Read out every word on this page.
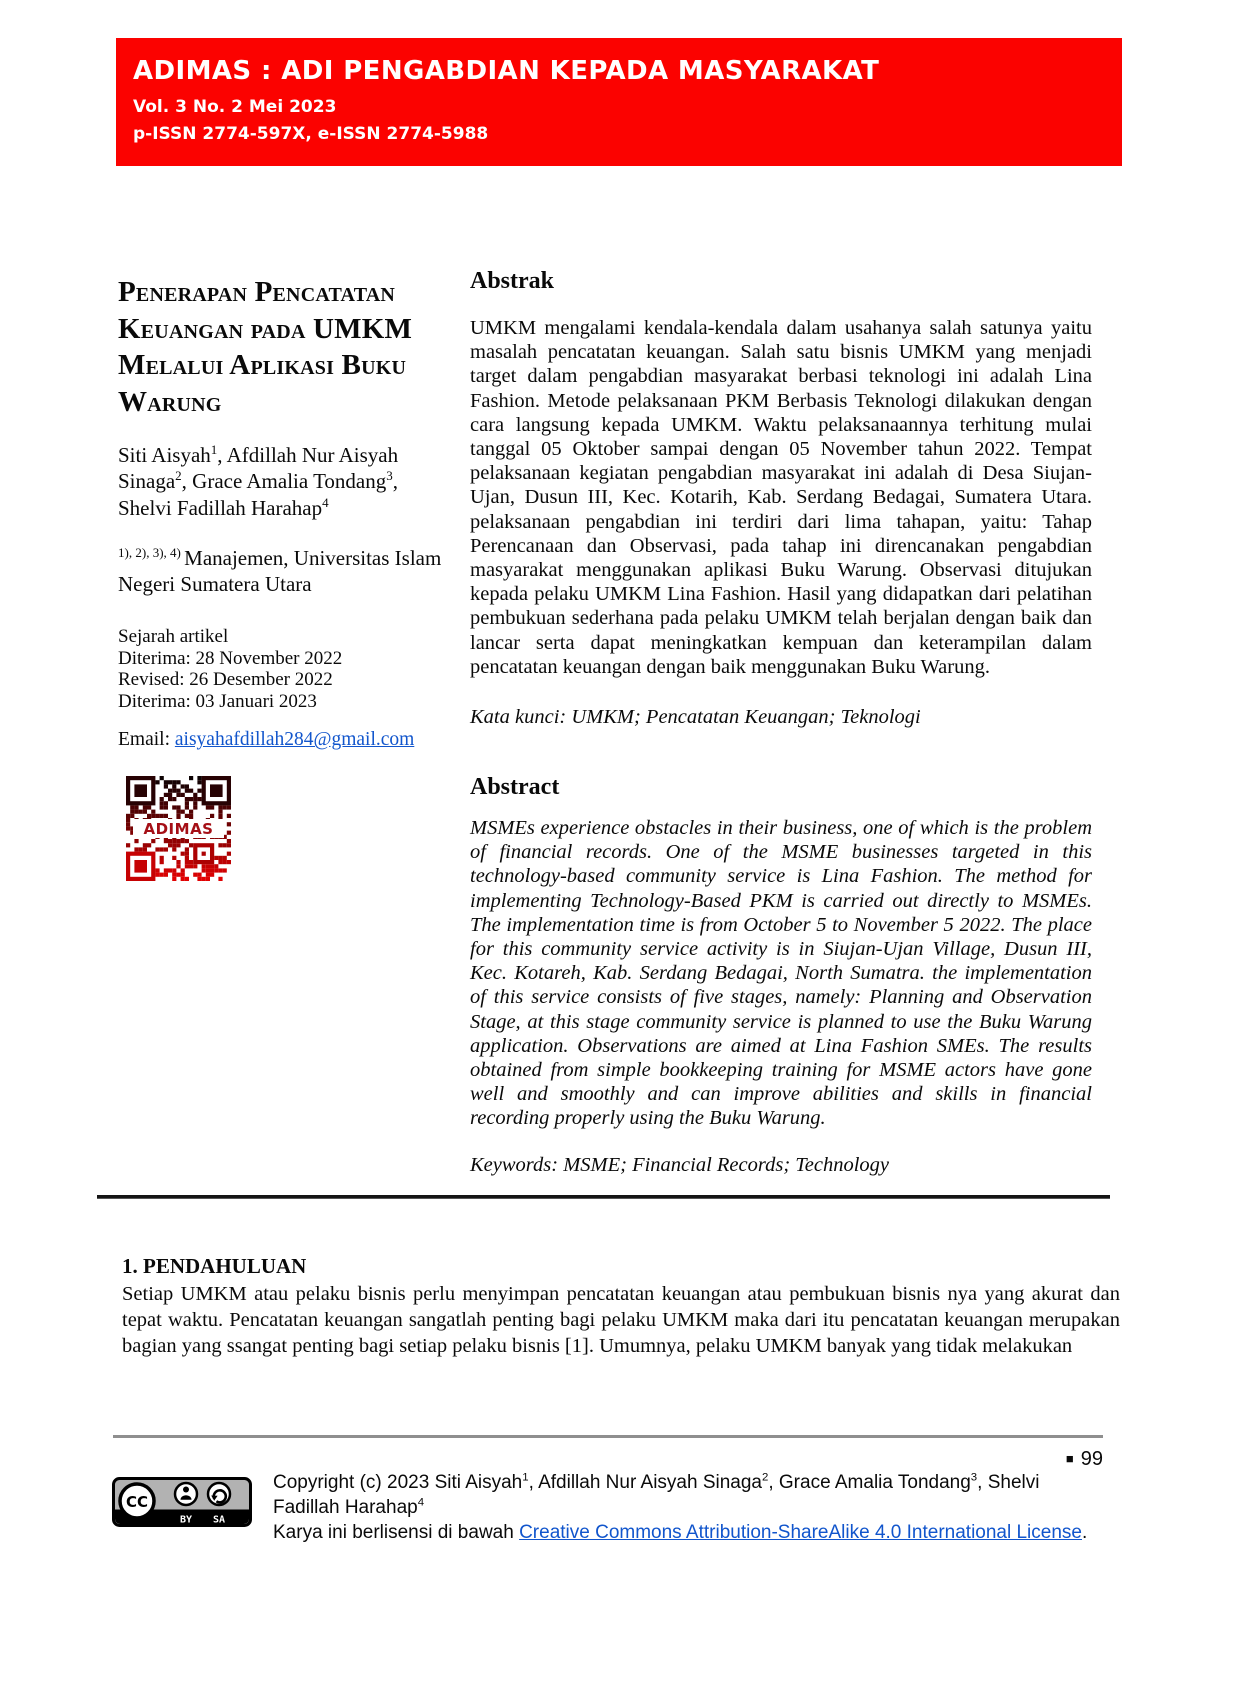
ADIMAS : ADI PENGABDIAN KEPADA MASYARAKAT
Vol. 3 No. 2 Mei 2023
p-ISSN 2774-597X, e-ISSN 2774-5988
Penerapan Pencatatan Keuangan pada UMKM Melalui Aplikasi Buku Warung

Siti Aisyah$^1$, Afdillah Nur Aisyah Sinaga$^2$, Grace Amalia Tondang$^3$, Shelvi Fadillah Harahap$^4$

$^{1), 2), 3), 4)}$ Manajemen, Universitas Islam Negeri Sumatera Utara

Sejarah artikel
Diterima: 28 November 2022
Revised: 26 Desember 2022
Diterima: 03 Januari 2023

Email: aisyahafdillah284@gmail.com

ADIMAS
Abstrak

UMKM mengalami kendala-kendala dalam usahanya salah satunya yaitu masalah pencatatan keuangan. Salah satu bisnis UMKM yang menjadi target dalam pengabdian masyarakat berbasi teknologi ini adalah Lina Fashion. Metode pelaksanaan PKM Berbasis Teknologi dilakukan dengan cara langsung kepada UMKM. Waktu pelaksanaannya terhitung mulai tanggal 05 Oktober sampai dengan 05 November tahun 2022. Tempat pelaksanaan kegiatan pengabdian masyarakat ini adalah di Desa Siujan-Ujan, Dusun III, Kec. Kotarih, Kab. Serdang Bedagai, Sumatera Utara. pelaksanaan pengabdian ini terdiri dari lima tahapan, yaitu: Tahap Perencanaan dan Observasi, pada tahap ini direncanakan pengabdian masyarakat menggunakan aplikasi Buku Warung. Observasi ditujukan kepada pelaku UMKM Lina Fashion. Hasil yang didapatkan dari pelatihan pembukuan sederhana pada pelaku UMKM telah berjalan dengan baik dan lancar serta dapat meningkatkan kempuan dan keterampilan dalam pencatatan keuangan dengan baik menggunakan Buku Warung.

Kata kunci: UMKM; Pencatatan Keuangan; Teknologi

Abstract

MSMEs experience obstacles in their business, one of which is the problem of financial records. One of the MSME businesses targeted in this technology-based community service is Lina Fashion. The method for implementing Technology-Based PKM is carried out directly to MSMEs. The implementation time is from October 5 to November 5 2022. The place for this community service activity is in Siujan-Ujan Village, Dusun III, Kec. Kotareh, Kab. Serdang Bedagai, North Sumatra. the implementation of this service consists of five stages, namely: Planning and Observation Stage, at this stage community service is planned to use the Buku Warung application. Observations are aimed at Lina Fashion SMEs. The results obtained from simple bookkeeping training for MSME actors have gone well and smoothly and can improve abilities and skills in financial recording properly using the Buku Warung.

Keywords: MSME; Financial Records; Technology

1. PENDAHULUAN

Setiap UMKM atau pelaku bisnis perlu menyimpan pencatatan keuangan atau pembukuan bisnis nya yang akurat dan tepat waktu. Pencatatan keuangan sangatlah penting bagi pelaku UMKM maka dari itu pencatatan keuangan merupakan bagian yang ssangat penting bagi setiap pelaku bisnis [1]. Umumnya, pelaku UMKM banyak yang tidak melakukan

■ 99
CC
BY SA

Copyright (c) 2023 Siti Aisyah$^1$, Afdillah Nur Aisyah Sinaga$^2$, Grace Amalia Tondang$^3$, Shelvi Fadillah Harahap$^4$

Karya ini berlisensi di bawah Creative Commons Attribution-ShareAlike 4.0 International License.
